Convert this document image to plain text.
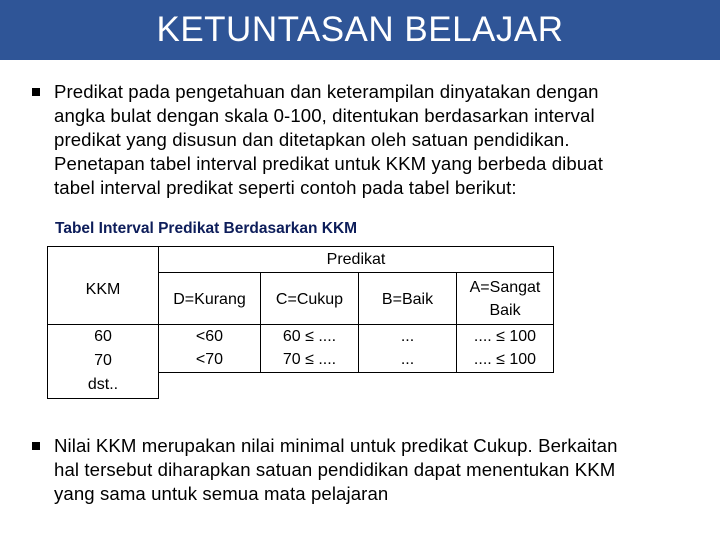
KETUNTASAN BELAJAR
Predikat pada pengetahuan dan keterampilan dinyatakan dengan
angka bulat dengan skala 0-100, ditentukan berdasarkan interval
predikat yang disusun dan ditetapkan oleh satuan pendidikan.
Penetapan tabel interval predikat untuk KKM yang berbeda dibuat
tabel interval predikat seperti contoh pada tabel berikut:
Tabel Interval Predikat Berdasarkan KKM
KKM	Predikat			
	D=Kurang	C=Cukup	B=Baik	A=Sangat
Baik

60	<60	60 ≤ ....	...	.... ≤ 100
70	<70	70 ≤ ....	...	.... ≤ 100
dst..				
Nilai KKM merupakan nilai minimal untuk predikat Cukup. Berkaitan
hal tersebut diharapkan satuan pendidikan dapat menentukan KKM
yang sama untuk semua mata pelajaran
